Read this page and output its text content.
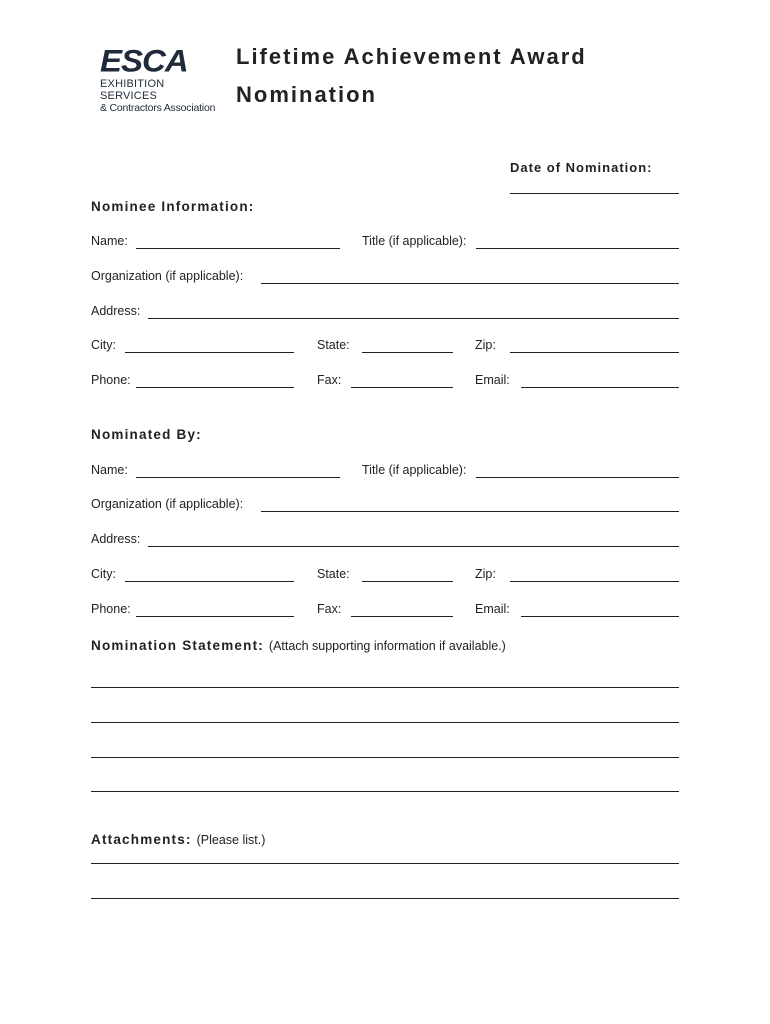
ESCA
EXHIBITION SERVICES
& Contractors Association
Lifetime Achievement Award
Nomination
Date of Nomination:
Nominee Information:
Name:	Title (if applicable):
Organization (if applicable):
Address:
City:	State:	Zip:
Phone:	Fax:	Email:
Nominated By:
Name:	Title (if applicable):
Organization (if applicable):
Address:
City:	State:	Zip:
Phone:	Fax:	Email:
Nomination Statement: (Attach supporting information if available.)
Attachments: (Please list.)
